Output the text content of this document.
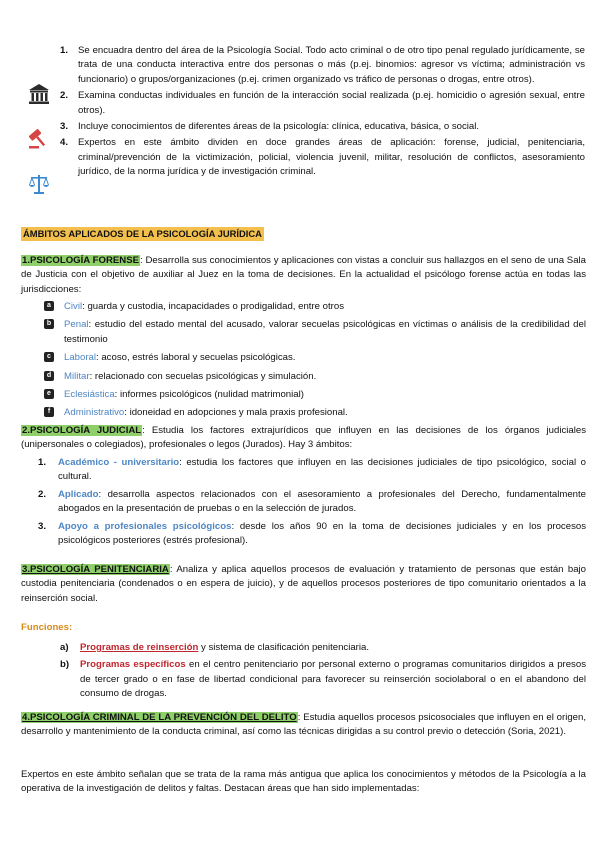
1. Se encuadra dentro del área de la Psicología Social. Todo acto criminal o de otro tipo penal regulado jurídicamente, se trata de una conducta interactiva entre dos personas o más (p.ej. binomios: agresor vs víctima; administración vs funcionario) o grupos/organizaciones (p.ej. crimen organizado vs tráfico de personas o drogas, entre otros).
2. Examina conductas individuales en función de la interacción social realizada (p.ej. homicidio o agresión sexual, entre otros).
3. Incluye conocimientos de diferentes áreas de la psicología: clínica, educativa, básica, o social.
4. Expertos en este ámbito dividen en doce grandes áreas de aplicación: forense, judicial, penitenciaria, criminal/prevención de la victimización, policial, violencia juvenil, militar, resolución de conflictos, asesoramiento jurídico, de la norma jurídica y de investigación criminal.
ÁMBITOS APLICADOS DE LA PSICOLOGÍA JURÍDICA

1.PSICOLOGÍA FORENSE: Desarrolla sus conocimientos y aplicaciones con vistas a concluir sus hallazgos en el seno de una Sala de Justicia con el objetivo de auxiliar al Juez en la toma de decisiones. En la actualidad el psicólogo forense actúa en todas las jurisdicciones:

a	Civil: guarda y custodia, incapacidades o prodigalidad, entre otros
b Penal: estudio del estado mental del acusado, valorar secuelas psicológicas en víctimas o análisis de la credibilidad del testimonio
c	Laboral: acoso, estrés laboral y secuelas psicológicas.
d Militar: relacionado con secuelas psicológicas y simulación.
e	Eclesiástica: informes psicológicos (nulidad matrimonial)
f	Administrativo: idoneidad en adopciones y mala praxis profesional.

2.PSICOLOGÍA JUDICIAL: Estudia los factores extrajurídicos que influyen en las decisiones de los órganos judiciales (unipersonales o colegiados), profesionales o legos (Jurados). Hay 3 ámbitos:

1. Académico - universitario: estudia los factores que influyen en las decisiones judiciales de tipo psicológico, social o cultural.
2. Aplicado: desarrolla aspectos relacionados con el asesoramiento a profesionales del Derecho, fundamentalmente abogados en la presentación de pruebas o en la selección de jurados.
3. Apoyo a profesionales psicológicos: desde los años 90 en la toma de decisiones judiciales y en los procesos psicológicos posteriores (estrés profesional).

3.PSICOLOGÍA PENITENCIARIA: Analiza y aplica aquellos procesos de evaluación y tratamiento de personas que están bajo custodia penitenciaria (condenados o en espera de juicio), y de aquellos procesos posteriores de tipo comunitario orientados a la reinserción social.

Funciones:
a) Programas de reinserción y sistema de clasificación penitenciaria.
b) Programas específicos en el centro penitenciario por personal externo o programas comunitarios dirigidos a presos de tercer grado o en fase de libertad condicional para favorecer su reinserción sociolaboral o en el abandono del consumo de drogas.

4.PSICOLOGÍA CRIMINAL DE LA PREVENCIÓN DEL DELITO: Estudia aquellos procesos psicosociales que influyen en el origen, desarrollo y mantenimiento de la conducta criminal, así como las técnicas dirigidas a su control previo o detección (Soria, 2021).

Expertos en este ámbito señalan que se trata de la rama más antigua que aplica los conocimientos y métodos de la Psicología a la operativa de la investigación de delitos y faltas. Destacan áreas que han sido implementadas:
